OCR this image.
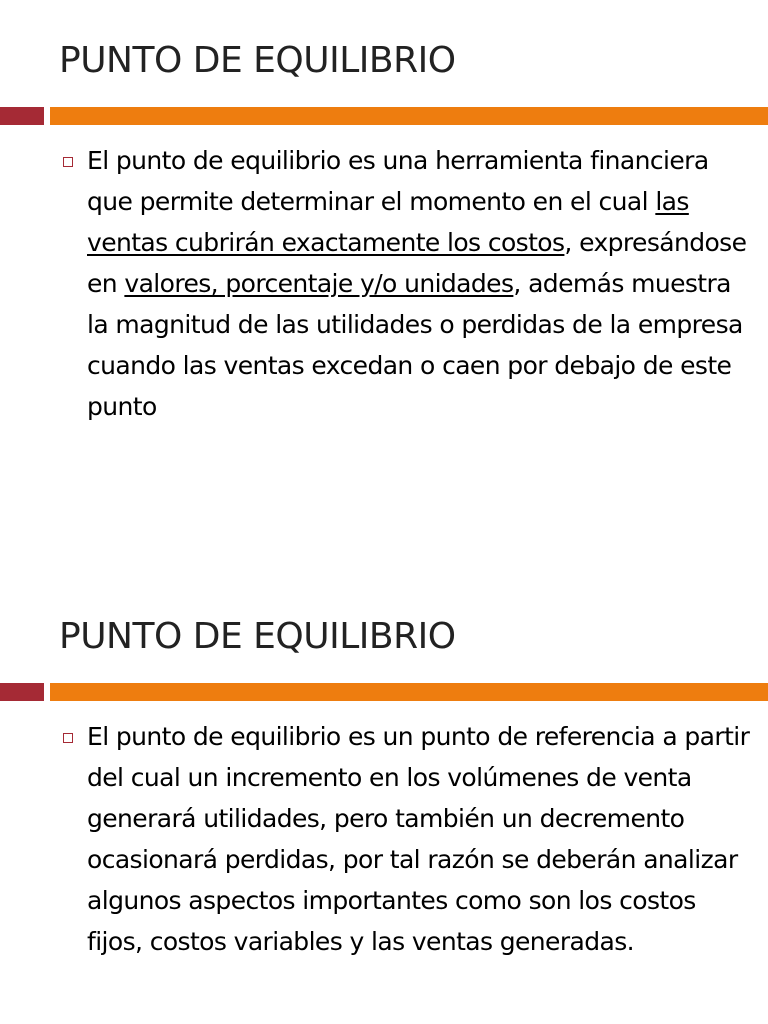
PUNTO DE EQUILIBRIO

El punto de equilibrio es una herramienta financiera que permite determinar el momento en el cual las ventas cubrirán exactamente los costos, expresándose en valores, porcentaje y/o unidades, además muestra la magnitud de las utilidades o perdidas de la empresa cuando las ventas excedan o caen por debajo de este punto

PUNTO DE EQUILIBRIO

El punto de equilibrio es un punto de referencia a partir del cual un incremento en los volúmenes de venta generará utilidades, pero también un decremento ocasionará perdidas, por tal razón se deberán analizar algunos aspectos importantes como son los costos fijos, costos variables y las ventas generadas.
